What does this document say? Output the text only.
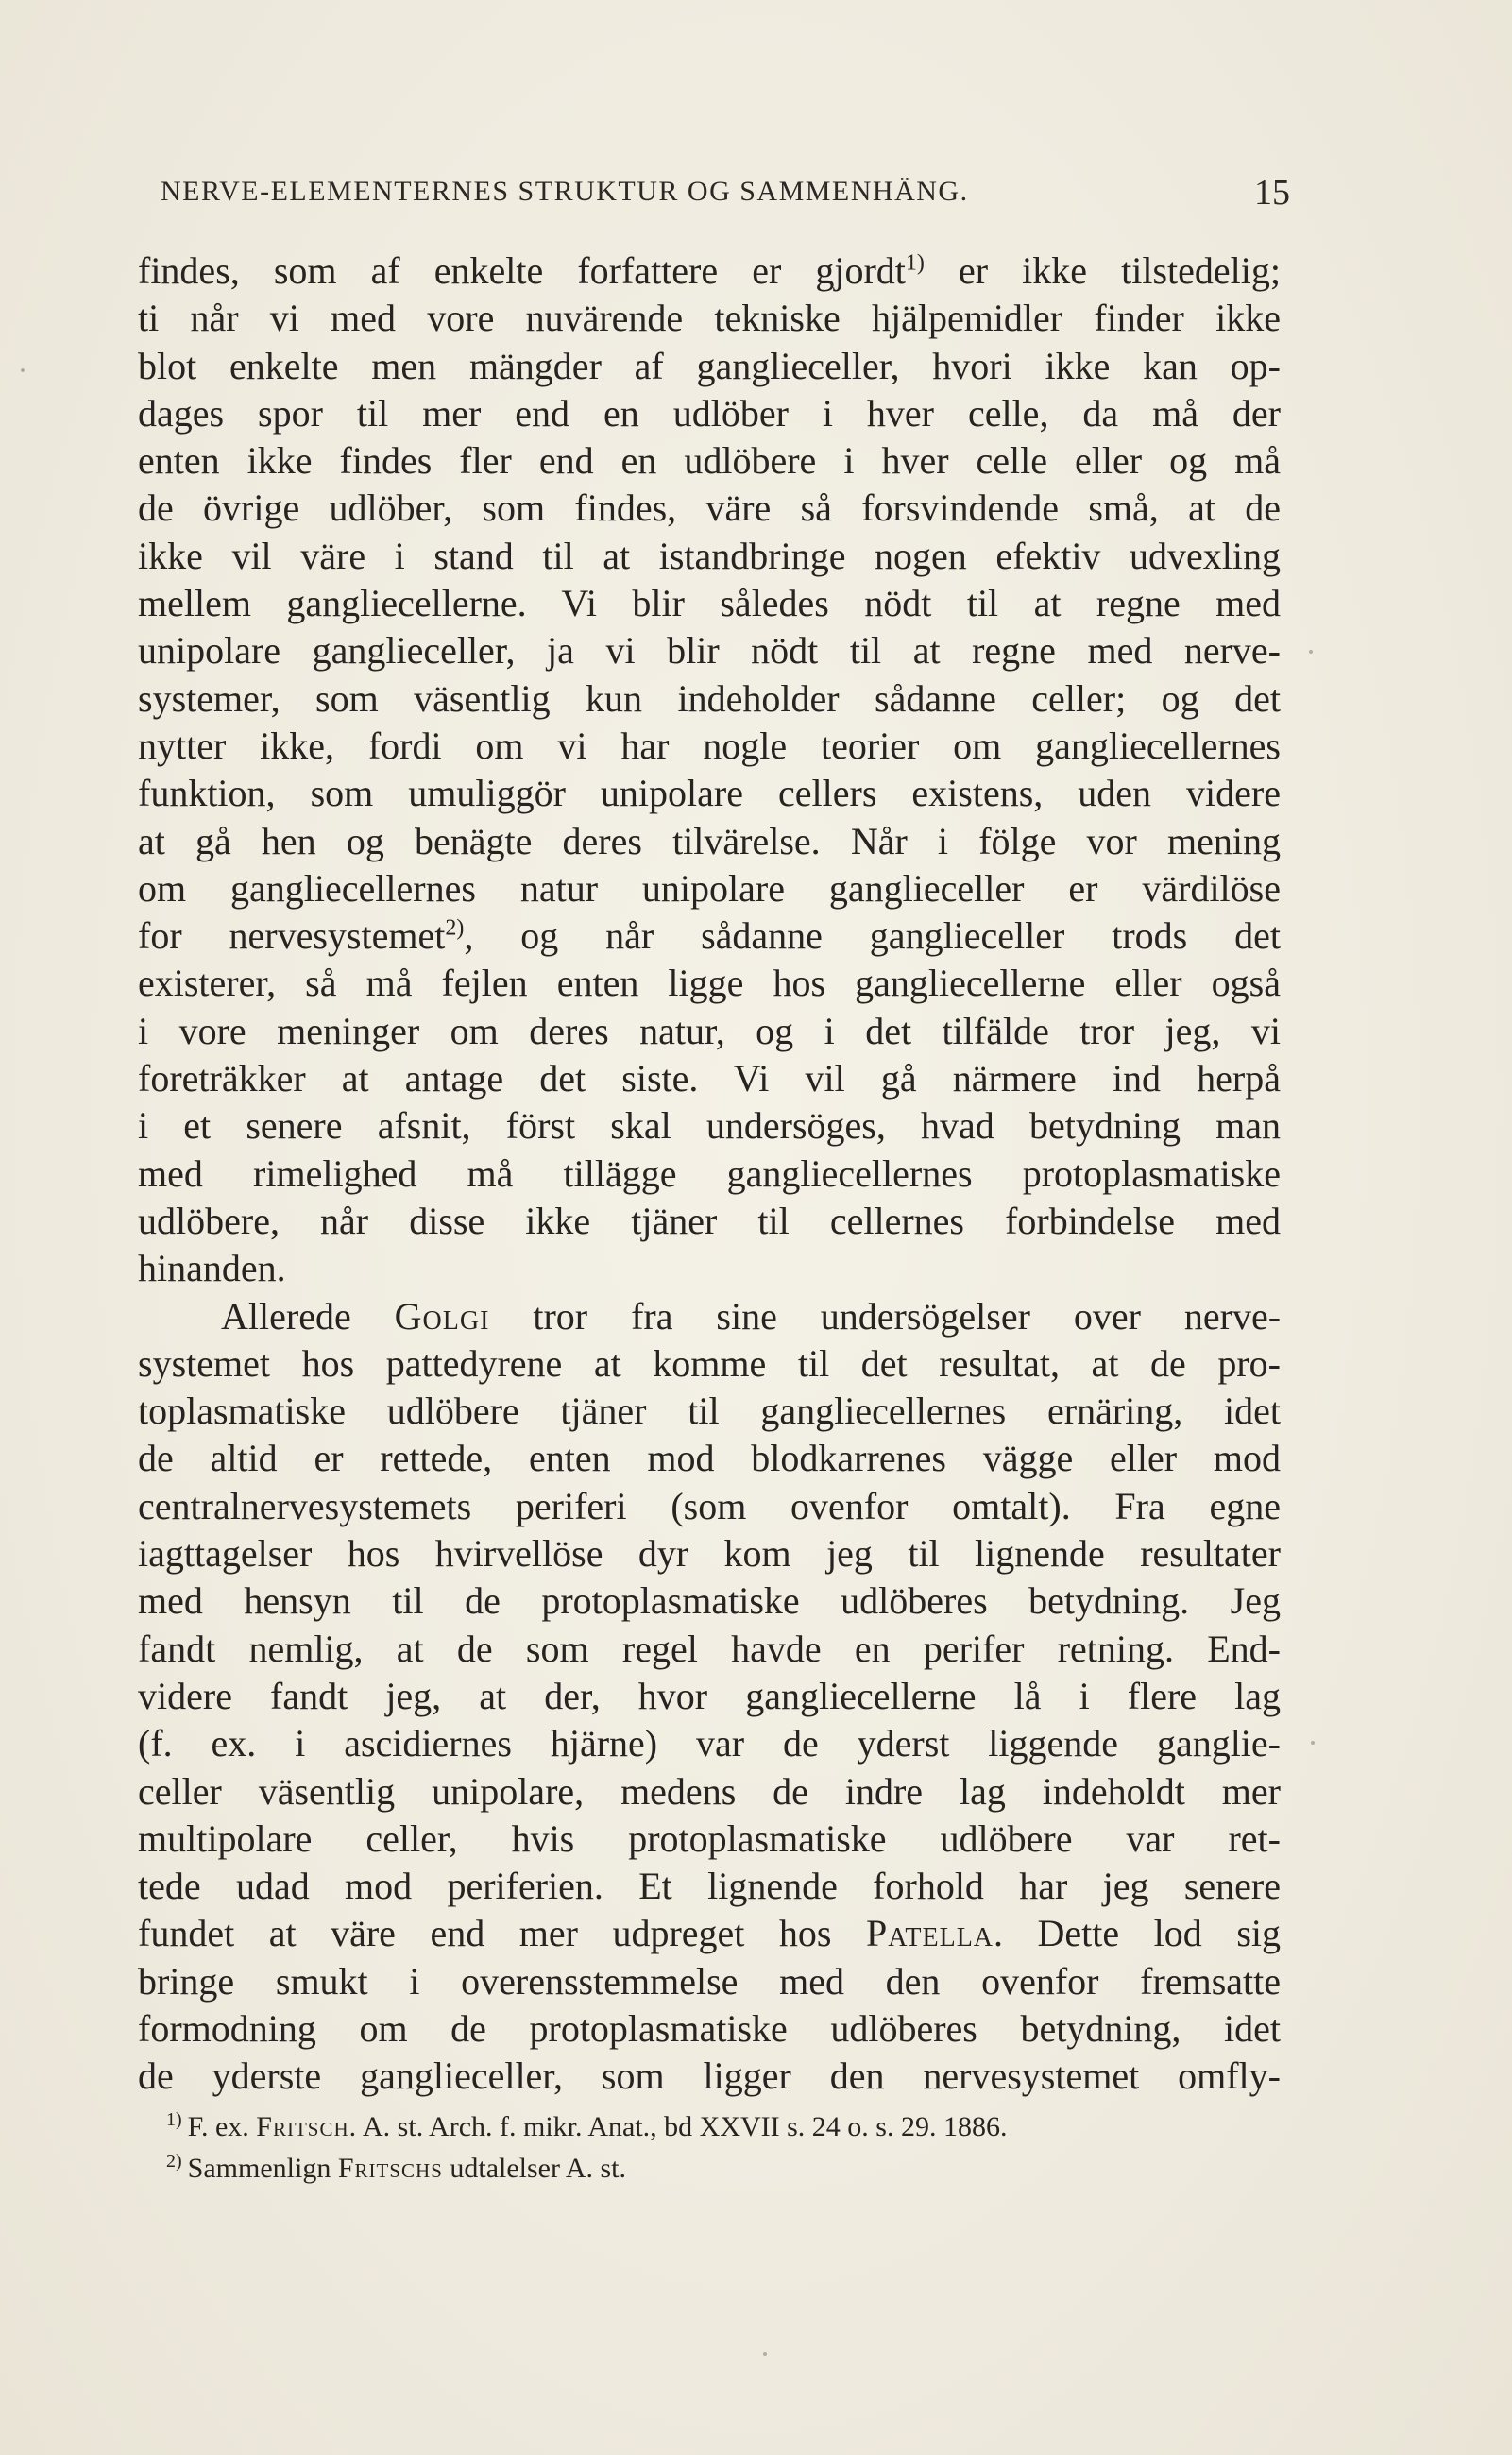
NERVE-ELEMENTERNES STRUKTUR OG SAMMENHÄNG.	15
findes, som af enkelte forfattere er gjordt$^{1)}$ er ikke tilstedelig;
ti når vi med vore nuvärende tekniske hjälpemidler finder ikke
blot enkelte men mängder af ganglieceller, hvori ikke kan op-
dages spor til mer end en udlöber i hver celle, da må der
enten ikke findes fler end en udlöbere i hver celle eller og må
de övrige udlöber, som findes, väre så forsvindende små, at de
ikke vil väre i stand til at istandbringe nogen efektiv udvexling
mellem gangliecellerne. Vi blir således nödt til at regne med
unipolare ganglieceller, ja vi blir nödt til at regne med nerve-
systemer, som väsentlig kun indeholder sådanne celler; og det
nytter ikke, fordi om vi har nogle teorier om gangliecellernes
funktion, som umuliggör unipolare cellers existens, uden videre
at gå hen og benägte deres tilvärelse. Når i fölge vor mening
om gangliecellernes natur unipolare ganglieceller er värdilöse
for nervesystemet$^{2)}$, og når sådanne ganglieceller trods det
existerer, så må fejlen enten ligge hos gangliecellerne eller også
i vore meninger om deres natur, og i det tilfälde tror jeg, vi
foreträkker at antage det siste. Vi vil gå närmere ind herpå
i et senere afsnit, först skal undersöges, hvad betydning man
med rimelighed må tillägge gangliecellernes protoplasmatiske
udlöbere, når disse ikke tjäner til cellernes forbindelse med
hinanden.
Allerede Golgi tror fra sine undersögelser over nerve-
systemet hos pattedyrene at komme til det resultat, at de pro-
toplasmatiske udlöbere tjäner til gangliecellernes ernäring, idet
de altid er rettede, enten mod blodkarrenes vägge eller mod
centralnervesystemets periferi (som ovenfor omtalt). Fra egne
iagttagelser hos hvirvellöse dyr kom jeg til lignende resultater
med hensyn til de protoplasmatiske udlöberes betydning. Jeg
fandt nemlig, at de som regel havde en perifer retning. End-
videre fandt jeg, at der, hvor gangliecellerne lå i flere lag
(f. ex. i ascidiernes hjärne) var de yderst liggende ganglie-
celler väsentlig unipolare, medens de indre lag indeholdt mer
multipolare celler, hvis protoplasmatiske udlöbere var ret-
tede udad mod periferien. Et lignende forhold har jeg senere
fundet at väre end mer udpreget hos Patella. Dette lod sig
bringe smukt i overensstemmelse med den ovenfor fremsatte
formodning om de protoplasmatiske udlöberes betydning, idet
de yderste ganglieceller, som ligger den nervesystemet omfly-
$^{1)}$ F. ex. Fritsch. A. st. Arch. f. mikr. Anat., bd XXVII s. 24 o. s. 29. 1886.
$^{2)}$ Sammenlign Fritschs udtalelser A. st.
